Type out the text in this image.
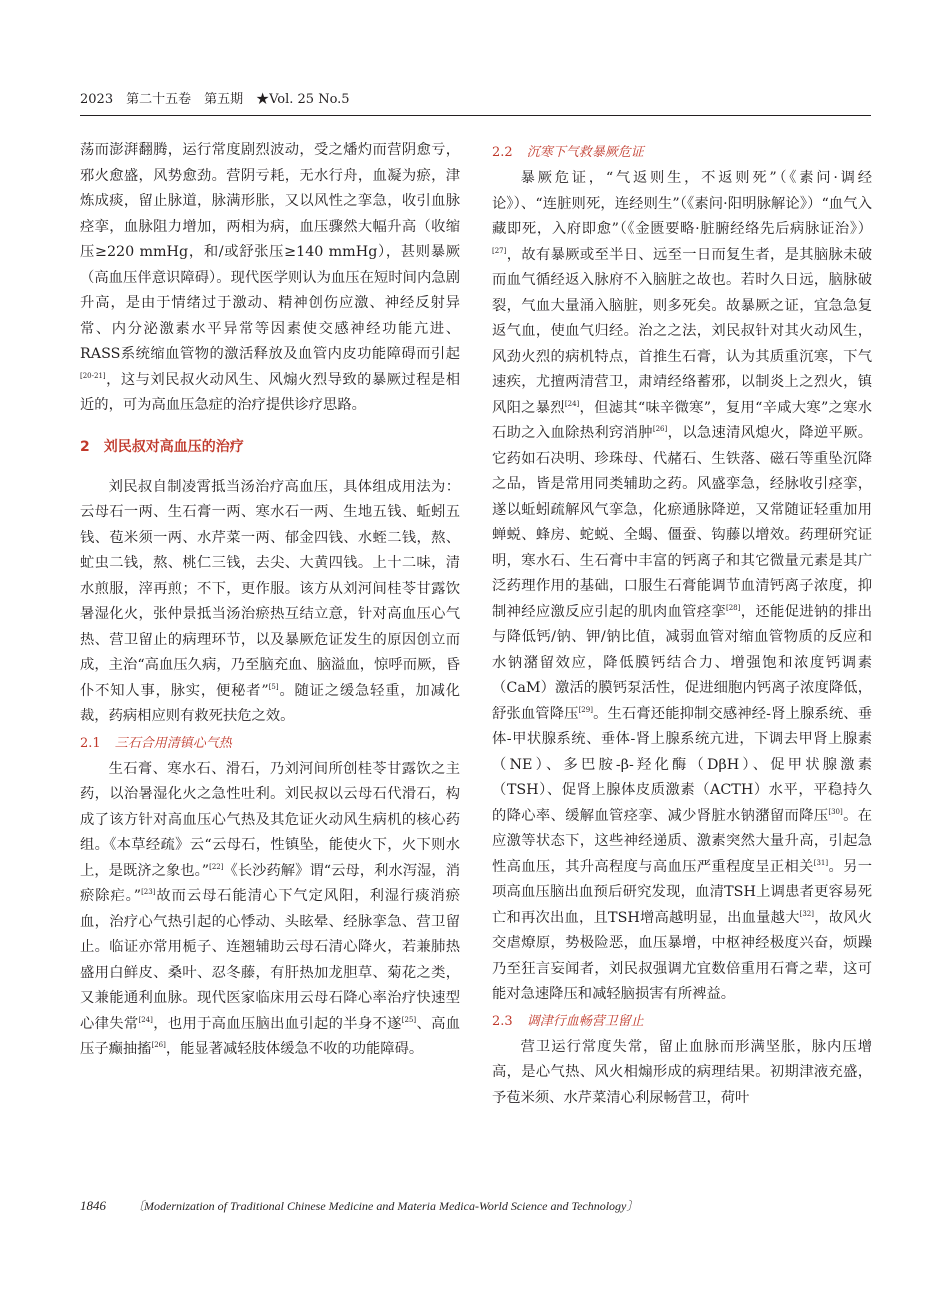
2023　第二十五卷　第五期　★Vol. 25 No.5

荡而澎湃翻腾，运行常度剧烈波动，受之燔灼而营阴愈亏，邪火愈盛，风势愈劲。营阴亏耗，无水行舟，血凝为瘀，津炼成痰，留止脉道，脉满形胀，又以风性之挛急，收引血脉痉挛，血脉阻力增加，两相为病，血压骤然大幅升高（收缩压≥220 mmHg，和/或舒张压≥140 mmHg），甚则暴厥（高血压伴意识障碍）。现代医学则认为血压在短时间内急剧升高，是由于情绪过于激动、精神创伤应激、神经反射异常、内分泌激素水平异常等因素使交感神经功能亢进、RASS系统缩血管物的激活释放及血管内皮功能障碍而引起[20-21]，这与刘民叔火动风生、风煽火烈导致的暴厥过程是相近的，可为高血压急症的治疗提供诊疗思路。

2　刘民叔对高血压的治疗

刘民叔自制凌霄抵当汤治疗高血压，具体组成用法为：云母石一两、生石膏一两、寒水石一两、生地五钱、蚯蚓五钱、苞米须一两、水芹菜一两、郁金四钱、水蛭二钱，熬、虻虫二钱，熬、桃仁三钱，去尖、大黄四钱。上十二味，清水煎服，滓再煎；不下，更作服。该方从刘河间桂苓甘露饮暑湿化火，张仲景抵当汤治瘀热互结立意，针对高血压心气热、营卫留止的病理环节，以及暴厥危证发生的原因创立而成，主治“高血压久病，乃至脑充血、脑溢血，惊呼而厥，昏仆不知人事，脉实，便秘者”[5]。随证之缓急轻重，加减化裁，药病相应则有救死扶危之效。

2.1 三石合用清镇心气热

生石膏、寒水石、滑石，乃刘河间所创桂苓甘露饮之主药，以治暑湿化火之急性吐利。刘民叔以云母石代滑石，构成了该方针对高血压心气热及其危证火动风生病机的核心药组。《本草经疏》云“云母石，性镇坠，能使火下，火下则水上，是既济之象也。”[22]《长沙药解》谓“云母，利水泻湿，消瘀除疟。”[23]故而云母石能清心下气定风阳，利湿行痰消瘀血，治疗心气热引起的心悸动、头眩晕、经脉挛急、营卫留止。临证亦常用栀子、连翘辅助云母石清心降火，若兼肺热盛用白鲜皮、桑叶、忍冬藤，有肝热加龙胆草、菊花之类，又兼能通利血脉。现代医家临床用云母石降心率治疗快速型心律失常[24]，也用于高血压脑出血引起的半身不遂[25]、高血压子癫抽搐[26]，能显著减轻肢体缓急不收的功能障碍。

2.2 沉寒下气救暴厥危证

暴厥危证，“气返则生，不返则死”（《素问·调经论》）、“连脏则死，连经则生”（《素问·阳明脉解论》）“血气入藏即死，入府即愈”（《金匮要略·脏腑经络先后病脉证治》）[27]，故有暴厥或至半日、远至一日而复生者，是其脑脉未破而血气循经返入脉府不入脑脏之故也。若时久日远，脑脉破裂，气血大量涌入脑脏，则多死矣。故暴厥之证，宜急急复返气血，使血气归经。治之之法，刘民叔针对其火动风生，风劲火烈的病机特点，首推生石膏，认为其质重沉寒，下气速疾，尤擅两清营卫，肃靖经络蓄邪，以制炎上之烈火，镇风阳之暴烈[24]，但滤其“味辛微寒”，复用“辛咸大寒”之寒水石助之入血除热利窍消肿[26]，以急速清风熄火，降逆平厥。它药如石决明、珍珠母、代赭石、生铁落、磁石等重坠沉降之品，皆是常用同类辅助之药。风盛挛急，经脉收引痉挛，遂以蚯蚓疏解风气挛急，化瘀通脉降逆，又常随证轻重加用蝉蜕、蜂房、蛇蜕、全蝎、僵蚕、钩藤以增效。药理研究证明，寒水石、生石膏中丰富的钙离子和其它微量元素是其广泛药理作用的基础，口服生石膏能调节血清钙离子浓度，抑制神经应激反应引起的肌肉血管痉挛[28]，还能促进钠的排出与降低钙/钠、钾/钠比值，减弱血管对缩血管物质的反应和水钠潴留效应，降低膜钙结合力、增强饱和浓度钙调素（CaM）激活的膜钙泵活性，促进细胞内钙离子浓度降低，舒张血管降压[29]。生石膏还能抑制交感神经-肾上腺系统、垂体-甲状腺系统、垂体-肾上腺系统亢进，下调去甲肾上腺素（NE）、多巴胺-β-羟化酶（DβH）、促甲状腺激素（TSH）、促肾上腺体皮质激素（ACTH）水平，平稳持久的降心率、缓解血管痉挛、减少肾脏水钠潴留而降压[30]。在应激等状态下，这些神经递质、激素突然大量升高，引起急性高血压，其升高程度与高血压严重程度呈正相关[31]。另一项高血压脑出血预后研究发现，血清TSH上调患者更容易死亡和再次出血，且TSH增高越明显，出血量越大[32]，故风火交虐燎原，势极险恶，血压暴增，中枢神经极度兴奋，烦躁乃至狂言妄闻者，刘民叔强调尤宜数倍重用石膏之辈，这可能对急速降压和减轻脑损害有所裨益。

2.3 调津行血畅营卫留止

营卫运行常度失常，留止血脉而形满坚胀，脉内压增高，是心气热、风火相煽形成的病理结果。初期津液充盛，予苞米须、水芹菜清心利尿畅营卫，荷叶

1846 〔Modernization of Traditional Chinese Medicine and Materia Medica-World Science and Technology〕
